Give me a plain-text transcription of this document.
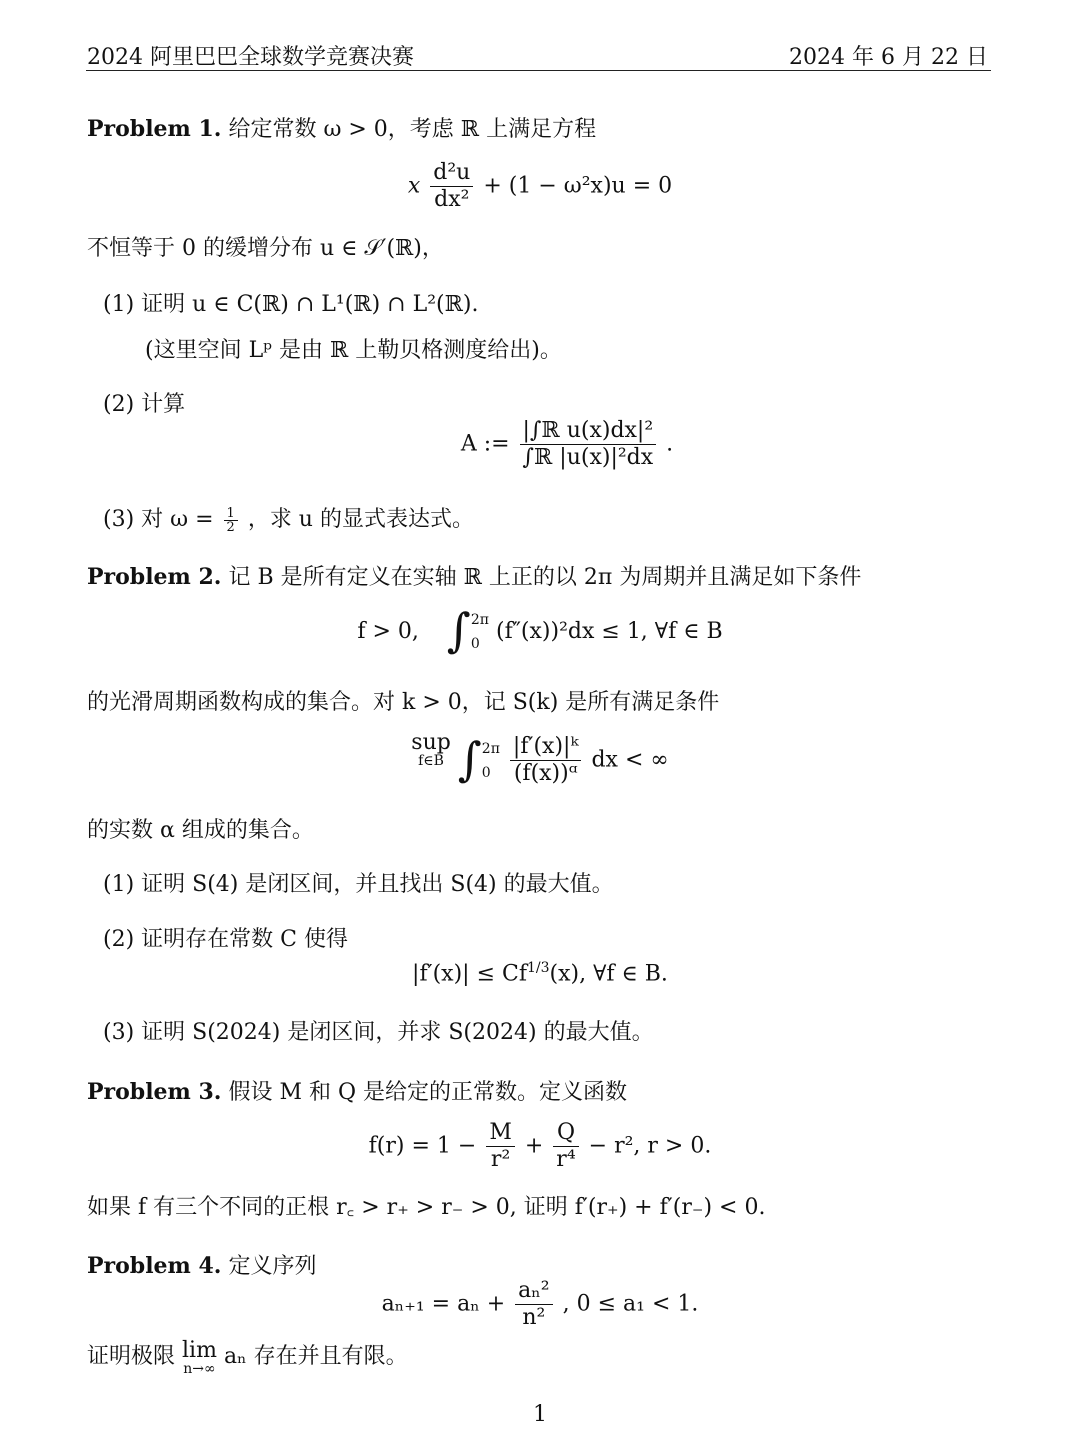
2024 阿里巴巴全球数学竞赛决赛	2024 年 6 月 22 日
Problem 1. 给定常数 ω > 0，考虑 ℝ 上满足方程
x $\frac{\text{d²u}}{\text{dx²}} + (1 - \omega^2x)u = 0$
不恒等于 0 的缓增分布 u ∈ 𝒮′(ℝ)，
(1) 证明 u ∈ C(ℝ) ∩ L¹(ℝ) ∩ L²(ℝ).
(这里空间 Lᵖ 是由 ℝ 上勒贝格测度给出)。
(2) 计算
A := $\frac{\text{|∫ℝ u(x)dx|²}}{\text{∫ℝ |u(x)|²dx}}$ .
(3) 对 $\omega = \frac{1}{2}$ ，求 u 的显式表达式。
Problem 2. 记 B 是所有定义在实轴 ℝ 上正的以 2π 为周期并且满足如下条件
f > 0, ∫ 2π
0 (f″(x))²dx ≤ 1, ∀f ∈ B
的光滑周期函数构成的集合。对 k > 0，记 S(k) 是所有满足条件
sup
f∈B ∫ 2π
0
$\frac{\text{|f′(x)|ᵏ}}{\text{(f(x))ᵅ}}$ dx < ∞
的实数 α 组成的集合。
(1) 证明 S(4) 是闭区间，并且找出 S(4) 的最大值。
(2) 证明存在常数 C 使得
$|f'(x)| \le Cf^{1/3}(x)$, ∀f ∈ B.
(3) 证明 S(2024) 是闭区间，并求 S(2024) 的最大值。
Problem 3. 假设 M 和 Q 是给定的正常数。定义函数
$f(r) = 1 - \frac{M}{\text{r²}} + \frac{Q}{\text{r⁴}} - r^2$, r > 0.
如果 f 有三个不同的正根 r꜀ > r₊ > r₋ > 0, 证明 f′(r₊) + f′(r₋) < 0.
Problem 4. 定义序列
$a_{n+1} = a_n + \frac{\text{aₙ²}}{\text{n²}}$ , 0 ≤ a₁ < 1.
证明极限 lim
n→∞ aₙ 存在并且有限。
1
